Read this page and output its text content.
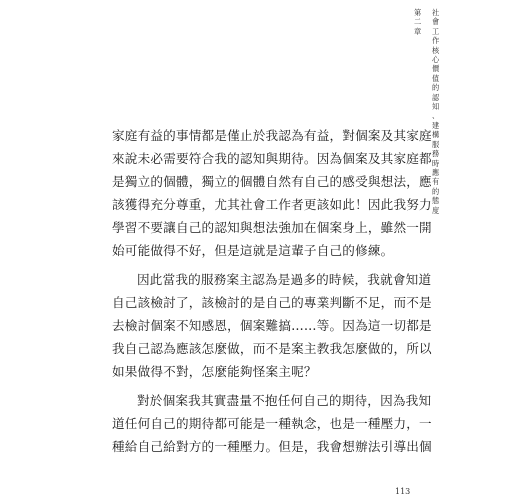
第
二
章
社
會
工
作
核
心
價
值
的
認
知
、
建
構
服
務
時
應
有
的
態
度

家庭有益的事情都是僅止於我認為有益，對個案及其家庭
來說未必需要符合我的認知與期待。因為個案及其家庭都
是獨立的個體，獨立的個體自然有自己的感受與想法，應
該獲得充分尊重，尤其社會工作者更該如此！因此我努力
學習不要讓自己的認知與想法強加在個案身上，雖然一開
始可能做得不好，但是這就是這輩子自己的修練。

因此當我的服務案主認為是過多的時候，我就會知道
自己該檢討了，該檢討的是自己的專業判斷不足，而不是
去檢討個案不知感恩，個案難搞……等。因為這一切都是
我自己認為應該怎麼做，而不是案主教我怎麼做的，所以
如果做得不對，怎麼能夠怪案主呢？

對於個案我其實盡量不抱任何自己的期待，因為我知
道任何自己的期待都可能是一種執念，也是一種壓力，一
種給自己給對方的一種壓力。但是，我會想辦法引導出個

113
